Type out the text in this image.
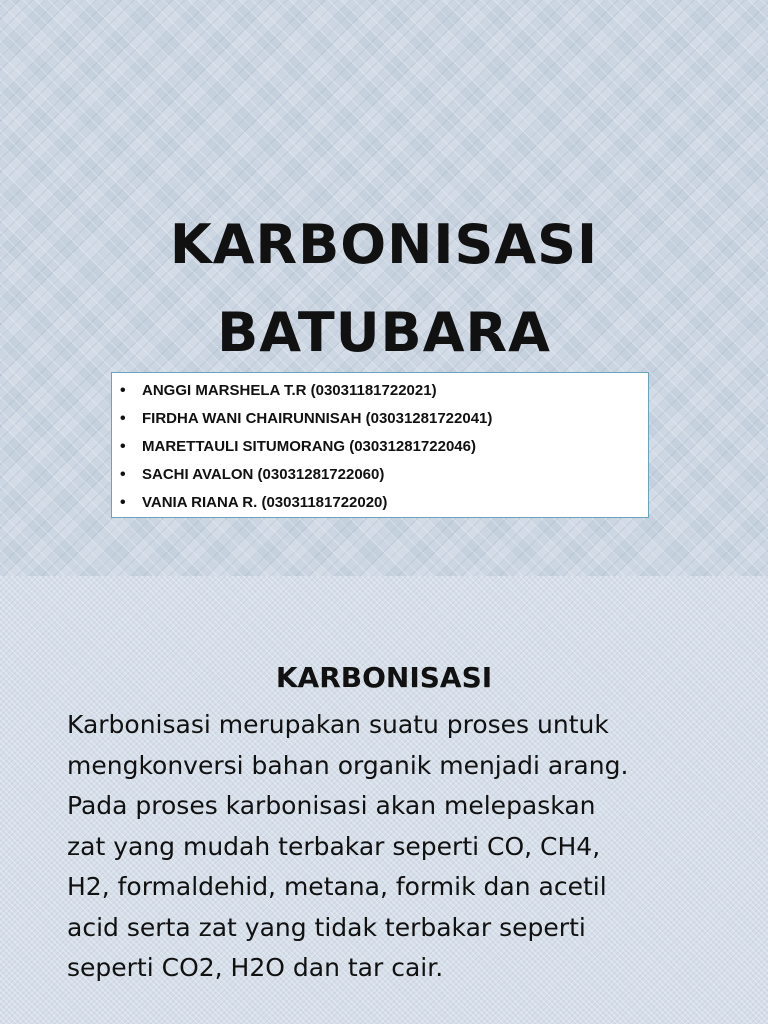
KARBONISASI
BATUBARA
• ANGGI MARSHELA T.R (03031181722021)
• FIRDHA WANI CHAIRUNNISAH (03031281722041)
• MARETTAULI SITUMORANG (03031281722046)
• SACHI AVALON (03031281722060)
• VANIA RIANA R. (03031181722020)
KARBONISASI
Karbonisasi merupakan suatu proses untuk
mengkonversi bahan organik menjadi arang.
Pada proses karbonisasi akan melepaskan
zat yang mudah terbakar seperti CO, CH4,
H2, formaldehid, metana, formik dan acetil
acid serta zat yang tidak terbakar seperti
seperti CO2, H2O dan tar cair.
